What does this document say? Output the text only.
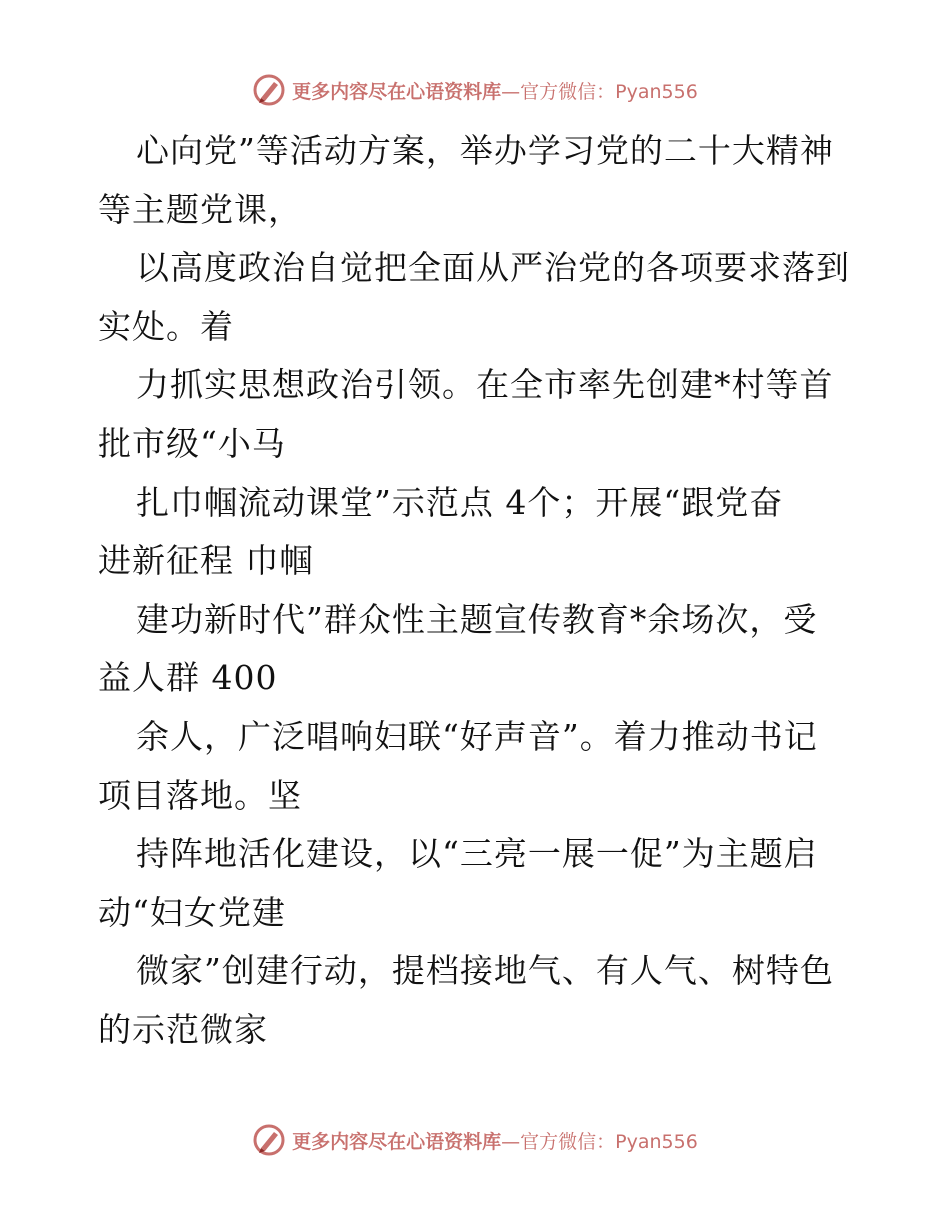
更多内容尽在心语资料库—官方微信：Pyan556
心向党”等活动方案，举办学习党的二十大精神
等主题党课，
以高度政治自觉把全面从严治党的各项要求落到
实处。着
力抓实思想政治引领。在全市率先创建*村等首
批市级“小马
扎巾帼流动课堂”示范点 4个；开展“跟党奋
进新征程 巾帼
建功新时代”群众性主题宣传教育*余场次，受
益人群 400
余人，广泛唱响妇联“好声音”。着力推动书记
项目落地。坚
持阵地活化建设，以“三亮一展一促”为主题启
动“妇女党建
微家”创建行动，提档接地气、有人气、树特色
的示范微家
更多内容尽在心语资料库—官方微信：Pyan556
